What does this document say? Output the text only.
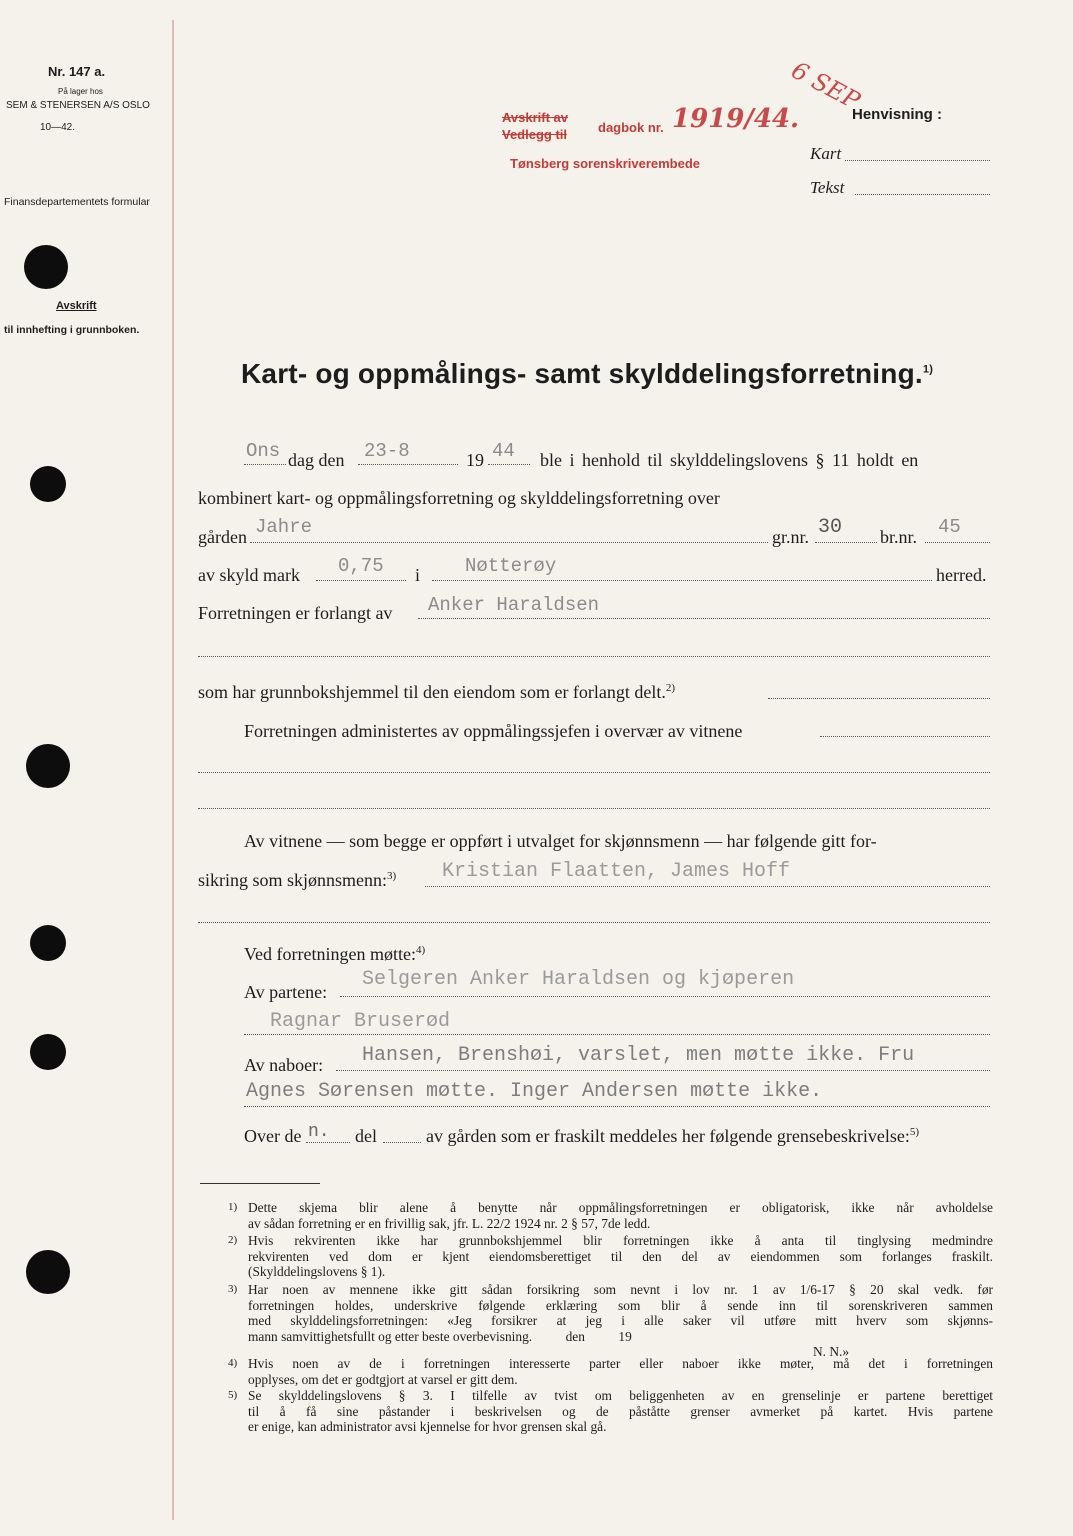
Nr. 147 a.
På lager hos
SEM & STENERSEN A/S OSLO
10—42.
Finansdepartementets formular
Avskrift
til innhefting i grunnboken.
Avskrift av
Vedlegg til dagbok nr. 1919/44.
Tønsberg sorenskriverembede
6 SEP
Henvisning :
Kart
Tekst
Kart- og oppmålings- samt skylddelingsforretning.$^{1)}$
Ons dag den 23-8	19 44 ble i henhold til skylddelingslovens § 11 holdt en
kombinert kart- og oppmålingsforretning og skylddelingsforretning over
gården Jahre	gr.nr. 30 br.nr. 45
av skyld mark 0,75 i Nøtterøy	herred.
Forretningen er forlangt av Anker Haraldsen
som har grunnbokshjemmel til den eiendom som er forlangt delt.$^{2)}$
Forretningen administertes av oppmålingssjefen i overvær av vitnene
Av vitnene — som begge er oppført i utvalget for skjønnsmenn — har følgende gitt for-
sikring som skjønnsmenn:$^{3)}$ Kristian Flaatten, James Hoff
Ved forretningen møtte:$^{4)}$
Av partene:
Selgeren Anker Haraldsen og kjøperen
Ragnar Bruserød
Av naboer: Hansen, Brenshøi, varslet, men møtte ikke. Fru
Agnes Sørensen møtte. Inger Andersen møtte ikke.
Over de n. del	av gården som er fraskilt meddeles her følgende grensebeskrivelse:$^{5)}$
1) Dette skjema blir alene å benytte når oppmålingsforretningen er obligatorisk, ikke når avholdelse
av sådan forretning er en frivillig sak, jfr. L. 22/2 1924 nr. 2 § 57, 7de ledd.
2) Hvis rekvirenten ikke har grunnbokshjemmel blir forretningen ikke å anta til tinglysing medmindre
rekvirenten ved dom er kjent eiendomsberettiget til den del av eiendommen som forlanges fraskilt.
(Skylddelingslovens § 1).
3) Har noen av mennene ikke gitt sådan forsikring som nevnt i lov nr. 1 av 1/6-17 § 20 skal vedk. før
forretningen holdes, underskrive følgende erklæring som blir å sende inn til sorenskriveren sammen
med skylddelingsforretningen: «Jeg forsikrer at jeg i alle saker vil utføre mitt hverv som skjønns-
mann samvittighetsfullt og etter beste overbevisning.          den          19
N. N.»
4) Hvis noen av de i forretningen interesserte parter eller naboer ikke møter, må det i forretningen
opplyses, om det er godtgjort at varsel er gitt dem.
5) Se skylddelingslovens § 3. I tilfelle av tvist om beliggenheten av en grenselinje er partene berettiget
til å få sine påstander i beskrivelsen og de påståtte grenser avmerket på kartet. Hvis partene
er enige, kan administrator avsi kjennelse for hvor grensen skal gå.
